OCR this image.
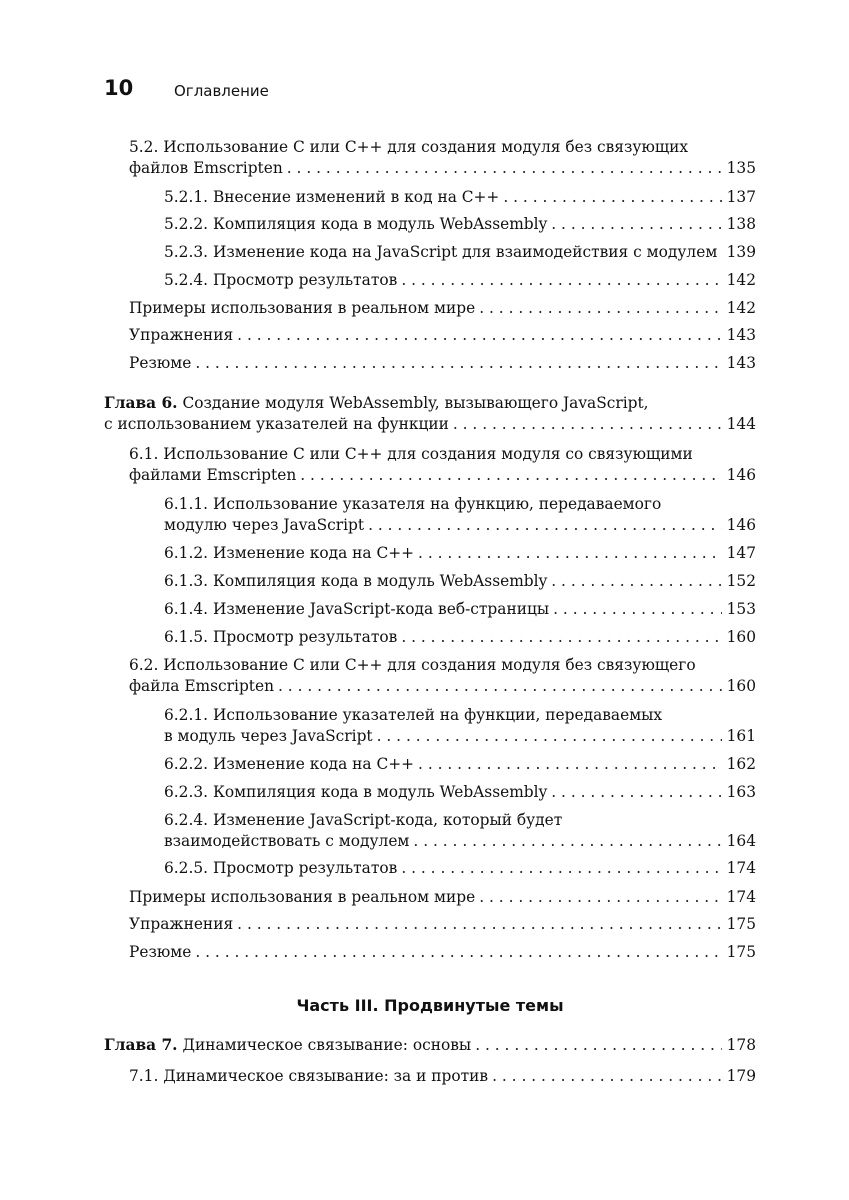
10	Оглавление
5.2. Использование C или C++ для создания модуля без связующих
файлов Emscripten . . .	135
5.2.1. Внесение изменений в код на C++ . . .	137
5.2.2. Компиляция кода в модуль WebAssembly . . .	138
5.2.3. Изменение кода на JavaScript для взаимодействия с модулем . . . 139
5.2.4. Просмотр результатов . . .	142
Примеры использования в реальном мире . . .	142
Упражнения . . .	143
Резюме . . .	143
Глава 6. Создание модуля WebAssembly, вызывающего JavaScript,
с использованием указателей на функции . . .	144
6.1. Использование C или C++ для создания модуля со связующими
файлами Emscripten . . .	146
6.1.1. Использование указателя на функцию, передаваемого
модулю через JavaScript . . .	146
6.1.2. Изменение кода на C++ . . .	147
6.1.3. Компиляция кода в модуль WebAssembly . . .	152
6.1.4. Изменение JavaScript-кода веб-страницы . . .	153
6.1.5. Просмотр результатов . . .	160
6.2. Использование C или C++ для создания модуля без связующего
файла Emscripten . . .	160
6.2.1. Использование указателей на функции, передаваемых
в модуль через JavaScript . . .	161
6.2.2. Изменение кода на C++ . . .	162
6.2.3. Компиляция кода в модуль WebAssembly . . .	163
6.2.4. Изменение JavaScript-кода, который будет
взаимодействовать с модулем . . .	164
6.2.5. Просмотр результатов . . .	174
Примеры использования в реальном мире . . .	174
Упражнения . . .	175
Резюме . . .	175
Часть III. Продвинутые темы
Глава 7. Динамическое связывание: основы . . .	178
7.1. Динамическое связывание: за и против . . .	179
